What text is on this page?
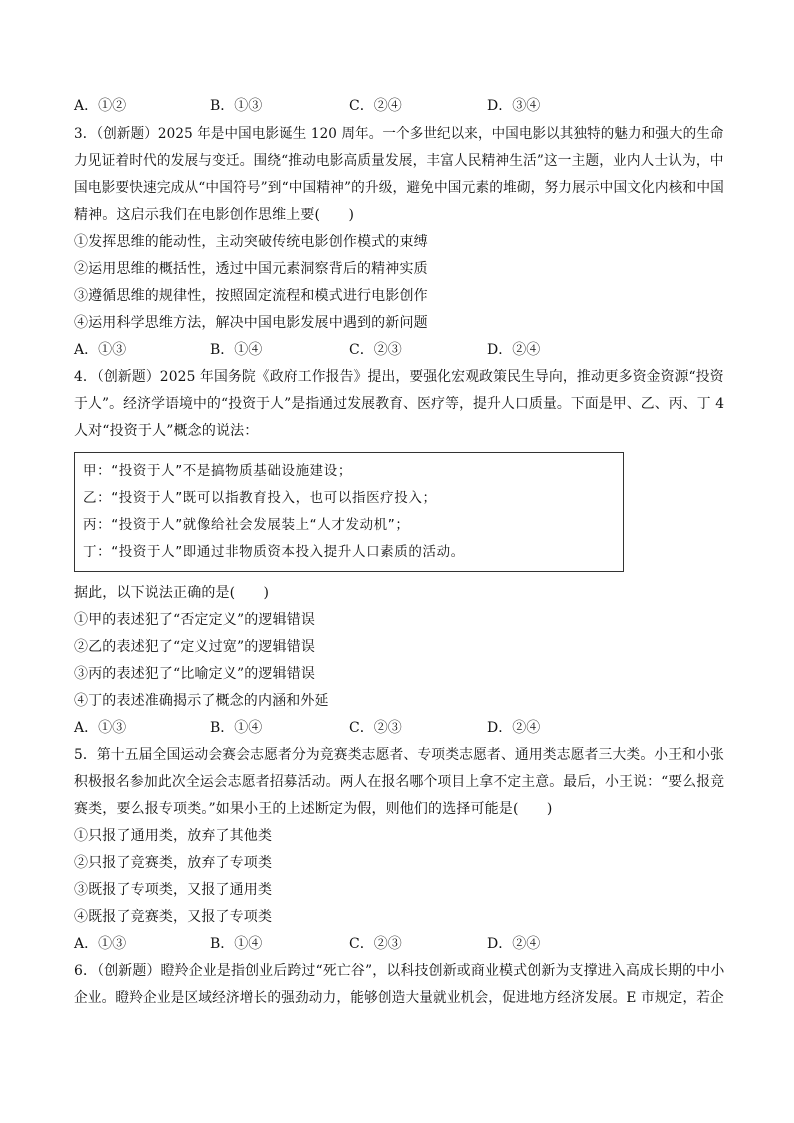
A．①②	B．①③	C．②④	D．③④
3．（创新题）2025 年是中国电影诞生 120 周年。一个多世纪以来，中国电影以其独特的魅力和强大的生命
力见证着时代的发展与变迁。围绕“推动电影高质量发展，丰富人民精神生活”这一主题，业内人士认为，中
国电影要快速完成从“中国符号”到“中国精神”的升级，避免中国元素的堆砌，努力展示中国文化内核和中国
精神。这启示我们在电影创作思维上要(　　)
①发挥思维的能动性，主动突破传统电影创作模式的束缚
②运用思维的概括性，透过中国元素洞察背后的精神实质
③遵循思维的规律性，按照固定流程和模式进行电影创作
④运用科学思维方法，解决中国电影发展中遇到的新问题
A．①③	B．①④	C．②③	D．②④
4．（创新题）2025 年国务院《政府工作报告》提出，要强化宏观政策民生导向，推动更多资金资源“投资
于人”。经济学语境中的“投资于人”是指通过发展教育、医疗等，提升人口质量。下面是甲、乙、丙、丁 4
人对“投资于人”概念的说法：
甲：“投资于人”不是搞物质基础设施建设；
乙：“投资于人”既可以指教育投入，也可以指医疗投入；
丙：“投资于人”就像给社会发展装上“人才发动机”；
丁：“投资于人”即通过非物质资本投入提升人口素质的活动。
据此，以下说法正确的是(　　)
①甲的表述犯了“否定定义”的逻辑错误
②乙的表述犯了“定义过宽”的逻辑错误
③丙的表述犯了“比喻定义”的逻辑错误
④丁的表述准确揭示了概念的内涵和外延
A．①③	B．①④	C．②③	D．②④
5．第十五届全国运动会赛会志愿者分为竞赛类志愿者、专项类志愿者、通用类志愿者三大类。小王和小张
积极报名参加此次全运会志愿者招募活动。两人在报名哪个项目上拿不定主意。最后，小王说：“要么报竞
赛类，要么报专项类。”如果小王的上述断定为假，则他们的选择可能是(　　)
①只报了通用类，放弃了其他类
②只报了竞赛类，放弃了专项类
③既报了专项类，又报了通用类
④既报了竞赛类，又报了专项类
A．①③	B．①④	C．②③	D．②④
6．（创新题）瞪羚企业是指创业后跨过“死亡谷”，以科技创新或商业模式创新为支撑进入高成长期的中小
企业。瞪羚企业是区域经济增长的强劲动力，能够创造大量就业机会，促进地方经济发展。E 市规定，若企
